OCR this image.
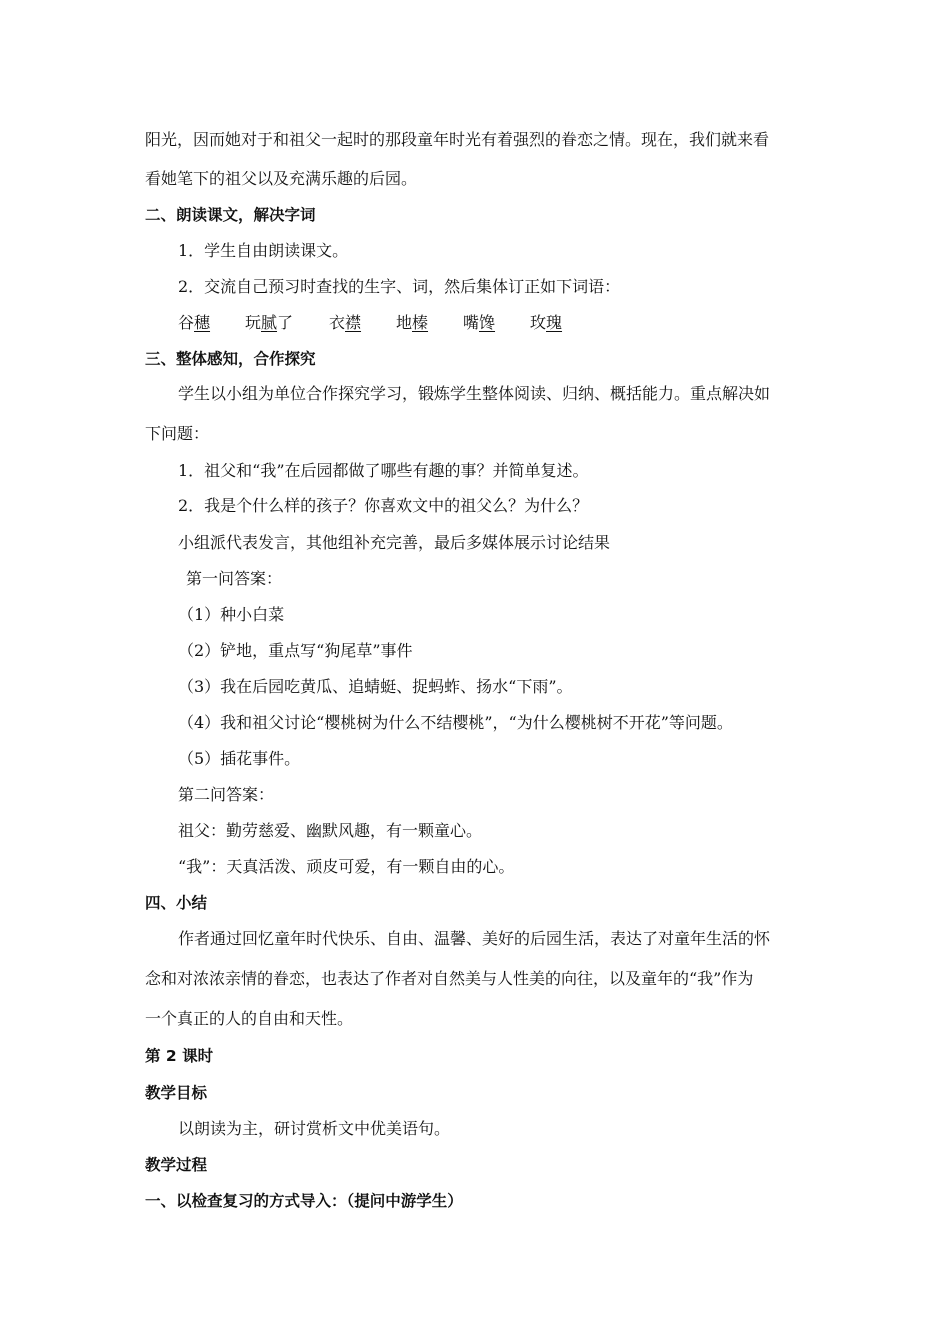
阳光，因而她对于和祖父一起时的那段童年时光有着强烈的眷恋之情。现在，我们就来看
看她笔下的祖父以及充满乐趣的后园。
二、朗读课文，解决字词
1．学生自由朗读课文。
2．交流自己预习时查找的生字、词，然后集体订正如下词语：
谷穗 玩腻了 衣襟 地榛 嘴馋 玫瑰
三、整体感知，合作探究
学生以小组为单位合作探究学习，锻炼学生整体阅读、归纳、概括能力。重点解决如
下问题：
1．祖父和“我”在后园都做了哪些有趣的事？并简单复述。
2．我是个什么样的孩子？你喜欢文中的祖父么？为什么？
小组派代表发言，其他组补充完善，最后多媒体展示讨论结果
第一问答案：
（1）种小白菜
（2）铲地，重点写“狗尾草”事件
（3）我在后园吃黄瓜、追蜻蜓、捉蚂蚱、扬水“下雨”。
（4）我和祖父讨论“樱桃树为什么不结樱桃”，“为什么樱桃树不开花”等问题。
（5）插花事件。
第二问答案：
祖父：勤劳慈爱、幽默风趣，有一颗童心。
“我”：天真活泼、顽皮可爱，有一颗自由的心。
四、小结
作者通过回忆童年时代快乐、自由、温馨、美好的后园生活，表达了对童年生活的怀
念和对浓浓亲情的眷恋，也表达了作者对自然美与人性美的向往，以及童年的“我”作为
一个真正的人的自由和天性。
第 2 课时
教学目标
以朗读为主，研讨赏析文中优美语句。
教学过程
一、以检查复习的方式导入：（提问中游学生）
